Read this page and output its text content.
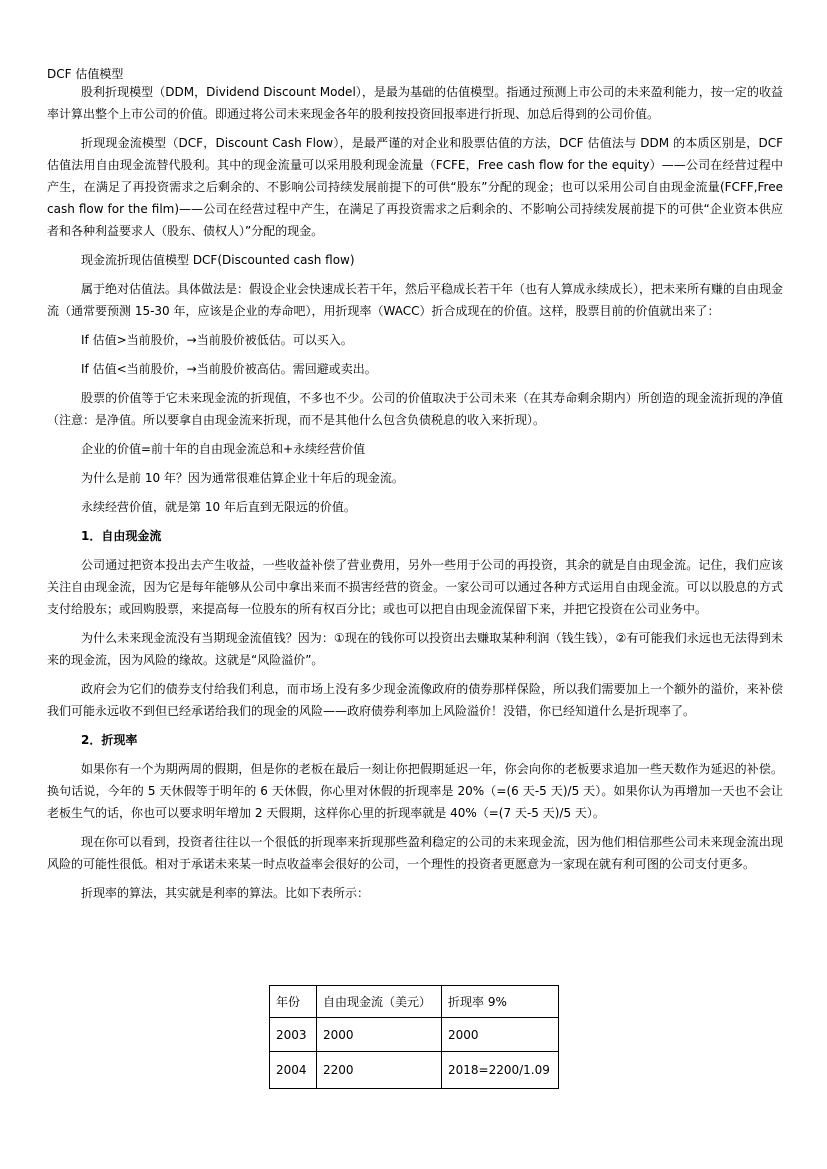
DCF 估值模型

股利折现模型（DDM，Dividend Discount Model），是最为基础的估值模型。指通过预测上市公司的未来盈利能力，按一定的收益率计算出整个上市公司的价值。即通过将公司未来现金各年的股利按投资回报率进行折现、加总后得到的公司价值。

折现现金流模型（DCF，Discount Cash Flow），是最严谨的对企业和股票估值的方法，DCF 估值法与 DDM 的本质区别是，DCF 估值法用自由现金流替代股利。其中的现金流量可以采用股利现金流量（FCFE，Free cash flow for the equity）——公司在经营过程中产生，在满足了再投资需求之后剩余的、不影响公司持续发展前提下的可供“股东”分配的现金；也可以采用公司自由现金流量(FCFF,Free cash flow for the film)——公司在经营过程中产生，在满足了再投资需求之后剩余的、不影响公司持续发展前提下的可供“企业资本供应者和各种利益要求人（股东、债权人）”分配的现金。

现金流折现估值模型 DCF(Discounted cash flow)

属于绝对估值法。具体做法是：假设企业会快速成长若干年，然后平稳成长若干年（也有人算成永续成长），把未来所有赚的自由现金流（通常要预测 15-30 年，应该是企业的寿命吧），用折现率（WACC）折合成现在的价值。这样，股票目前的价值就出来了：

If 估值>当前股价，→当前股价被低估。可以买入。

If 估值<当前股价，→当前股价被高估。需回避或卖出。

股票的价值等于它未来现金流的折现值，不多也不少。公司的价值取决于公司未来（在其寿命剩余期内）所创造的现金流折现的净值（注意：是净值。所以要拿自由现金流来折现，而不是其他什么包含负债税息的收入来折现）。

企业的价值=前十年的自由现金流总和+永续经营价值

为什么是前 10 年？因为通常很难估算企业十年后的现金流。

永续经营价值，就是第 10 年后直到无限远的价值。

1．自由现金流

公司通过把资本投出去产生收益，一些收益补偿了营业费用，另外一些用于公司的再投资，其余的就是自由现金流。记住，我们应该关注自由现金流，因为它是每年能够从公司中拿出来而不损害经营的资金。一家公司可以通过各种方式运用自由现金流。可以以股息的方式支付给股东；或回购股票，来提高每一位股东的所有权百分比；或也可以把自由现金流保留下来，并把它投资在公司业务中。

为什么未来现金流没有当期现金流值钱？因为：①现在的钱你可以投资出去赚取某种利润（钱生钱），②有可能我们永远也无法得到未来的现金流，因为风险的缘故。这就是“风险溢价”。

政府会为它们的债券支付给我们利息，而市场上没有多少现金流像政府的债券那样保险，所以我们需要加上一个额外的溢价，来补偿我们可能永远收不到但已经承诺给我们的现金的风险——政府债券利率加上风险溢价！没错，你已经知道什么是折现率了。

2．折现率

如果你有一个为期两周的假期，但是你的老板在最后一刻让你把假期延迟一年，你会向你的老板要求追加一些天数作为延迟的补偿。换句话说，今年的 5 天休假等于明年的 6 天休假，你心里对休假的折现率是 20%（=(6 天-5 天)/5 天）。如果你认为再增加一天也不会让老板生气的话，你也可以要求明年增加 2 天假期，这样你心里的折现率就是 40%（=(7 天-5 天)/5 天）。

现在你可以看到，投资者往往以一个很低的折现率来折现那些盈利稳定的公司的未来现金流，因为他们相信那些公司未来现金流出现风险的可能性很低。相对于承诺未来某一时点收益率会很好的公司，一个理性的投资者更愿意为一家现在就有利可图的公司支付更多。

折现率的算法，其实就是利率的算法。比如下表所示：

年份	自由现金流（美元）	折现率 9%
2003	2000	2000
2004	2200	2018=2200/1.09
